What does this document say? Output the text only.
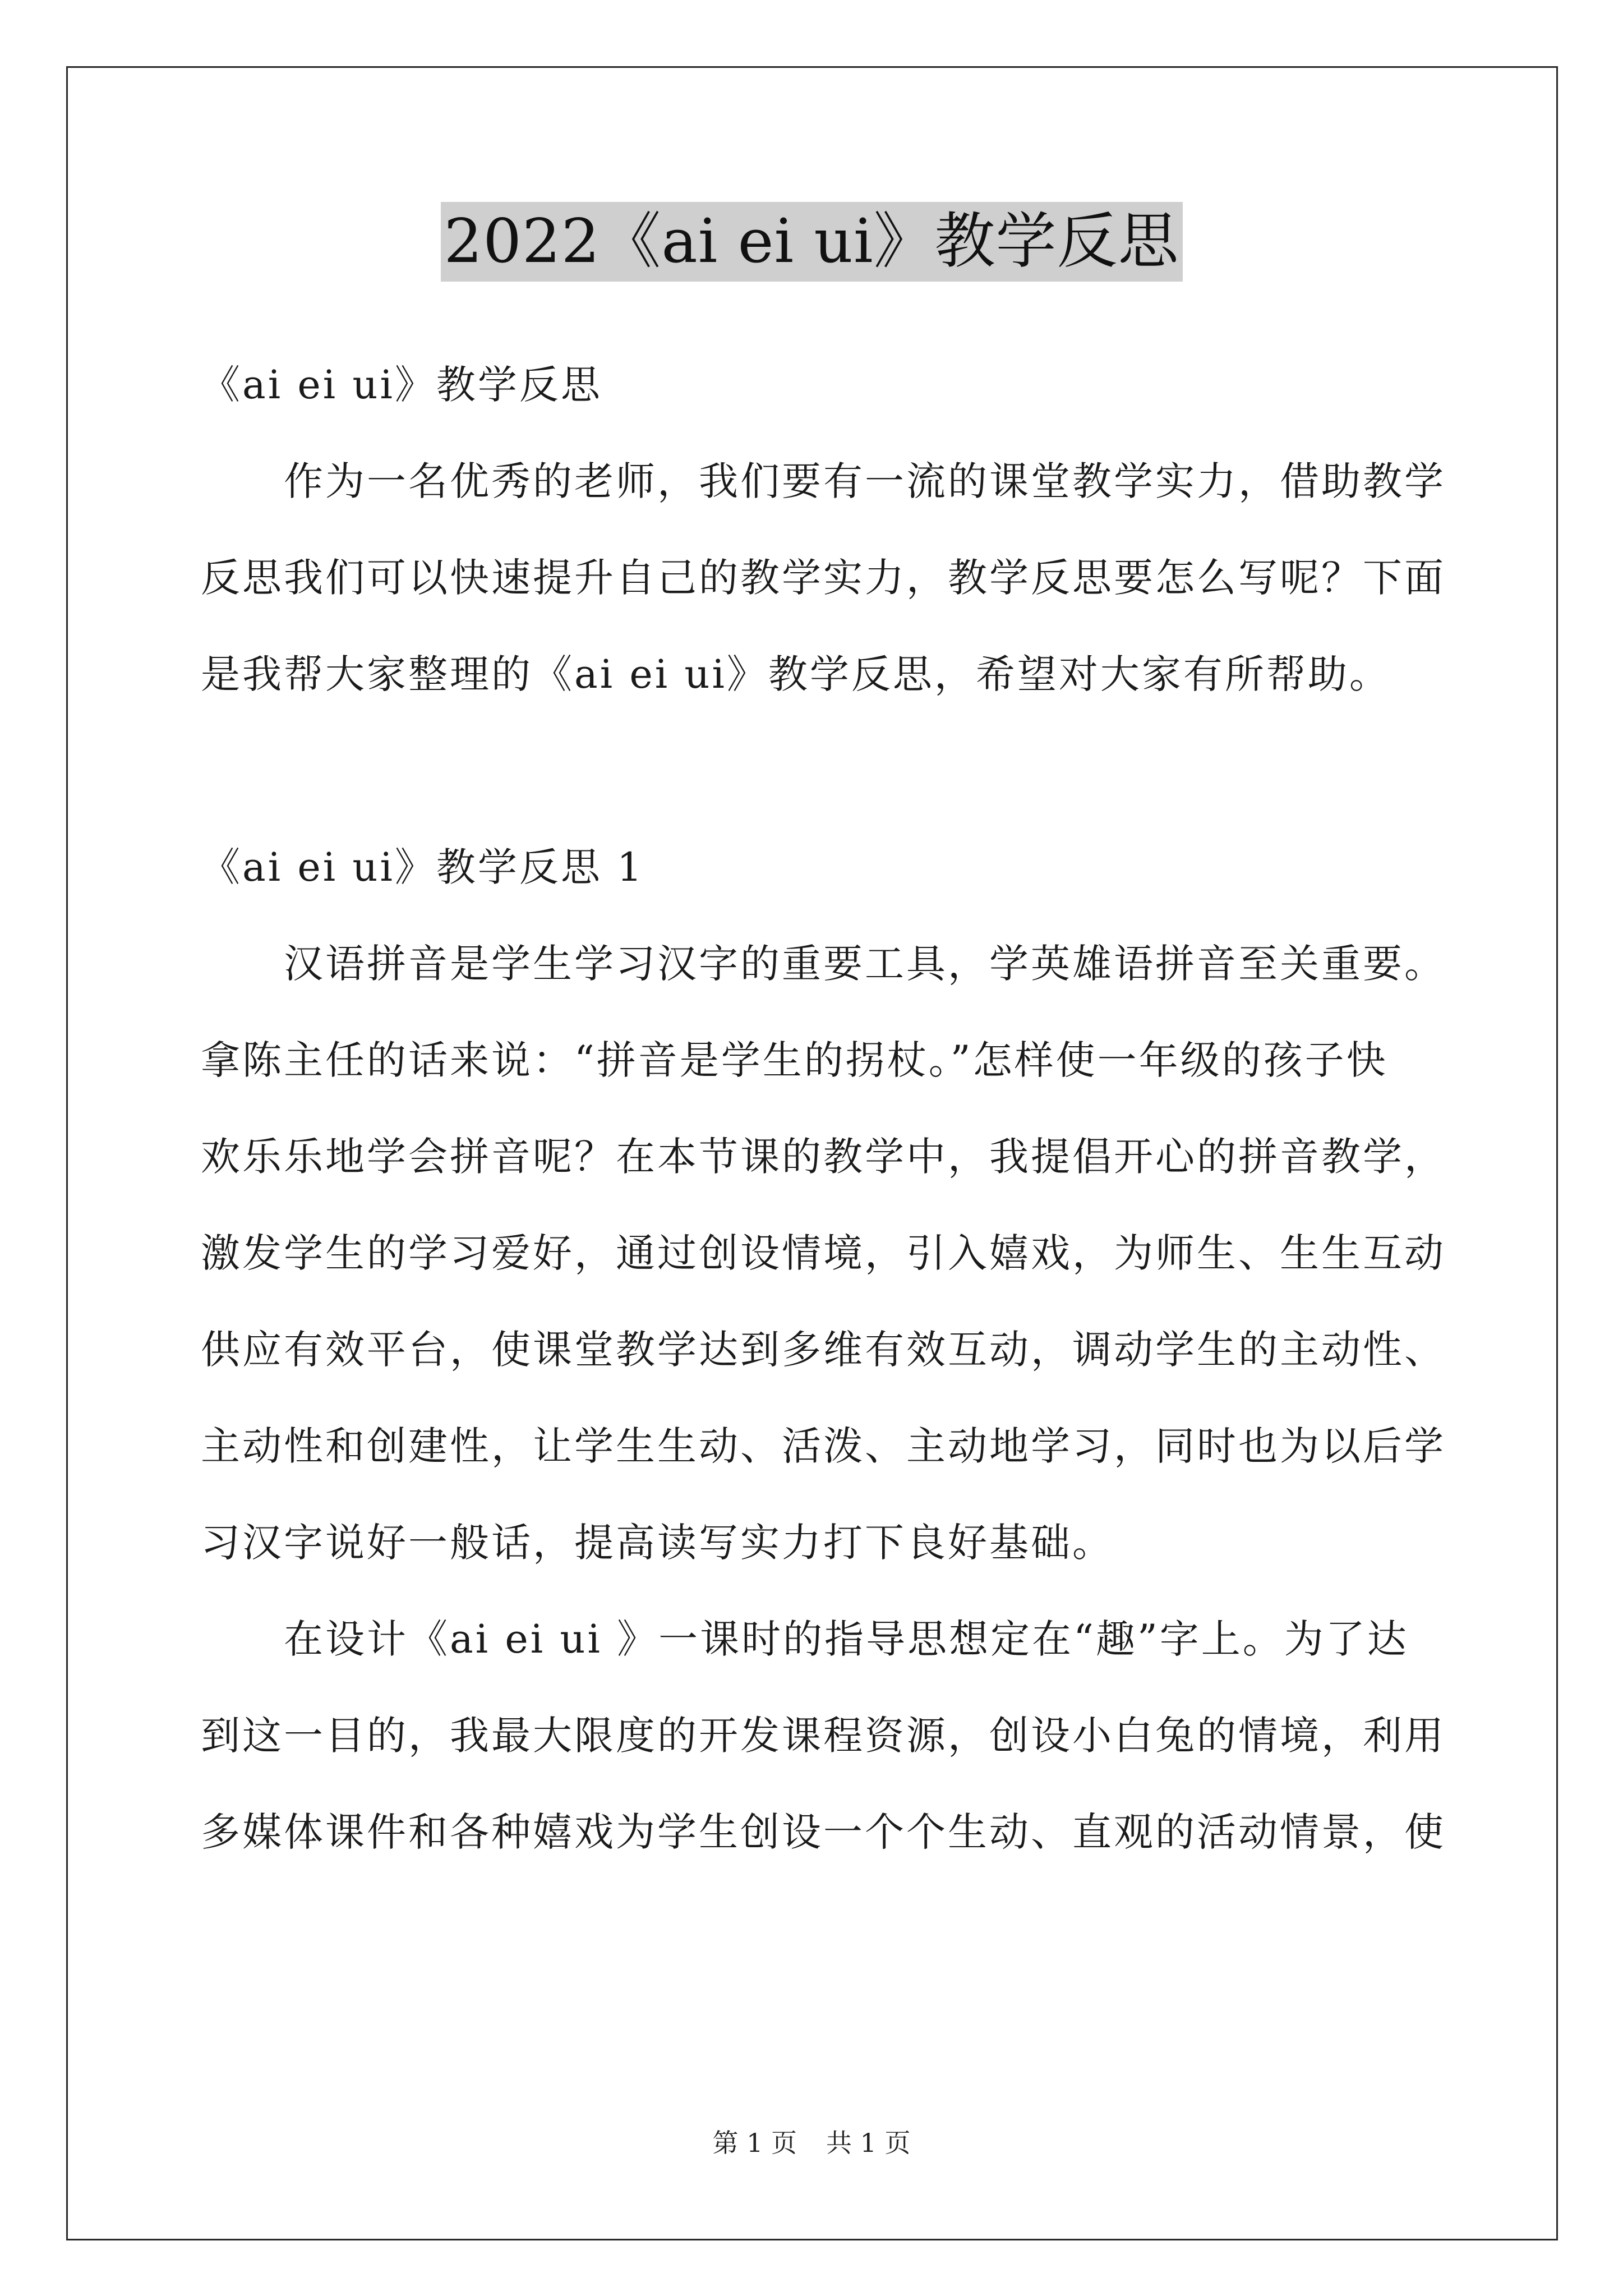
2022《ai ei ui》教学反思
《ai ei ui》教学反思
作为一名优秀的老师，我们要有一流的课堂教学实力，借助教学
反思我们可以快速提升自己的教学实力，教学反思要怎么写呢？下面
是我帮大家整理的《ai ei ui》教学反思，希望对大家有所帮助。
《ai ei ui》教学反思 1
汉语拼音是学生学习汉字的重要工具，学英雄语拼音至关重要。
拿陈主任的话来说：“拼音是学生的拐杖。”怎样使一年级的孩子快
欢乐乐地学会拼音呢？在本节课的教学中，我提倡开心的拼音教学，
激发学生的学习爱好，通过创设情境，引入嬉戏，为师生、生生互动
供应有效平台，使课堂教学达到多维有效互动，调动学生的主动性、
主动性和创建性，让学生生动、活泼、主动地学习，同时也为以后学
习汉字说好一般话，提高读写实力打下良好基础。
在设计《ai ei ui 》一课时的指导思想定在“趣”字上。为了达
到这一目的，我最大限度的开发课程资源，创设小白兔的情境，利用
多媒体课件和各种嬉戏为学生创设一个个生动、直观的活动情景，使
第 1 页 共 1 页
